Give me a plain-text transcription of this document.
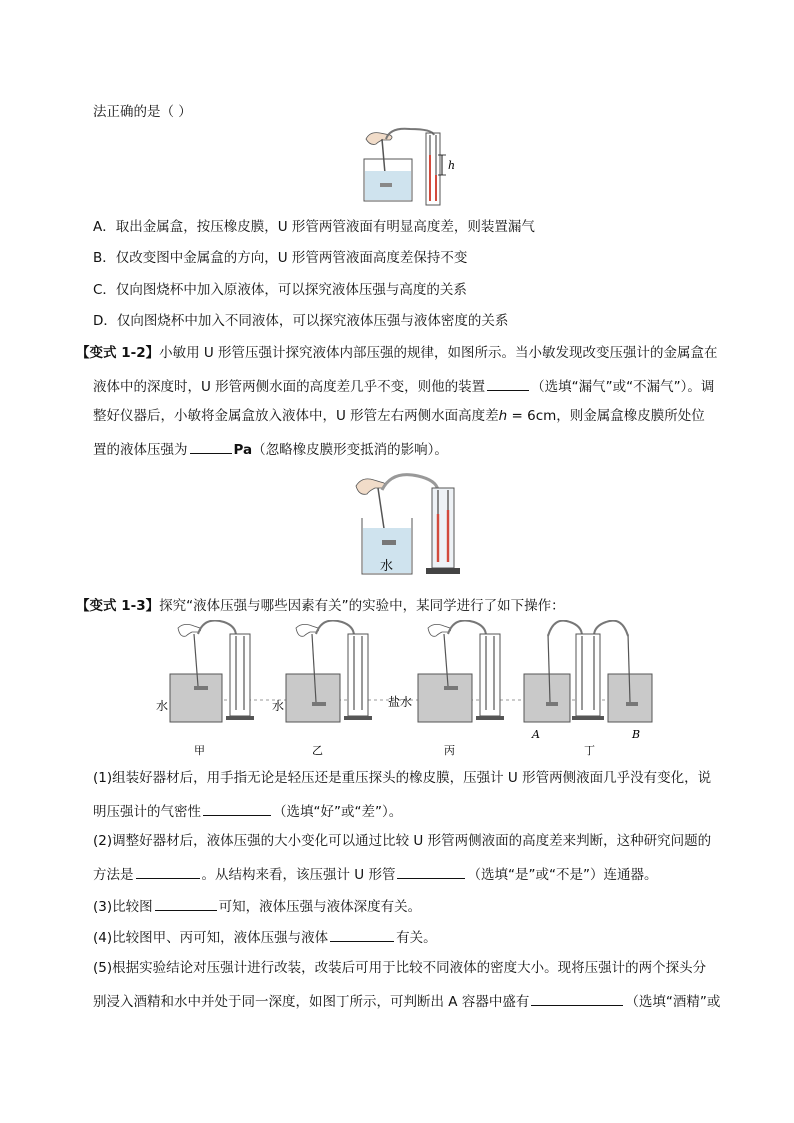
法正确的是（ ）
h
A．取出金属盒，按压橡皮膜，U 形管两管液面有明显高度差，则装置漏气
B．仅改变图中金属盒的方向，U 形管两管液面高度差保持不变
C．仅向图烧杯中加入原液体，可以探究液体压强与高度的关系
D．仅向图烧杯中加入不同液体，可以探究液体压强与液体密度的关系
【变式 1-2】小敏用 U 形管压强计探究液体内部压强的规律，如图所示。当小敏发现改变压强计的金属盒在
液体中的深度时，U 形管两侧水面的高度差几乎不变，则他的装置	（选填“漏气”或“不漏气”）。调
整好仪器后，小敏将金属盒放入液体中，U 形管左右两侧水面高度差h = 6cm，则金属盒橡皮膜所处位
置的液体压强为	Pa（忽略橡皮膜形变抵消的影响）。
水
【变式 1-3】探究“液体压强与哪些因素有关”的实验中，某同学进行了如下操作：
水
甲
水
乙
盐水
丙
A	B
丁
(1)组装好器材后，用手指无论是轻压还是重压探头的橡皮膜，压强计 U 形管两侧液面几乎没有变化，说
明压强计的气密性	（选填“好”或“差”）。
(2)调整好器材后，液体压强的大小变化可以通过比较 U 形管两侧液面的高度差来判断，这种研究问题的
方法是	。从结构来看，该压强计 U 形管	（选填“是”或“不是”）连通器。
(3)比较图	可知，液体压强与液体深度有关。
(4)比较图甲、丙可知，液体压强与液体	有关。
(5)根据实验结论对压强计进行改装，改装后可用于比较不同液体的密度大小。现将压强计的两个探头分
别浸入酒精和水中并处于同一深度，如图丁所示，可判断出 A 容器中盛有	（选填“酒精”或
